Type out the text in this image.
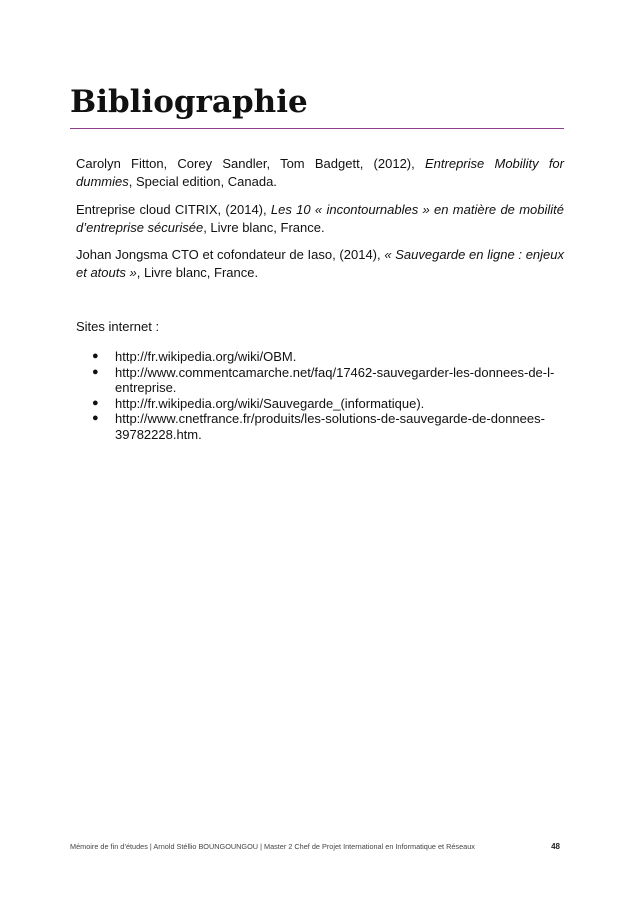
Bibliographie

Carolyn Fitton, Corey Sandler, Tom Badgett, (2012), Entreprise Mobility for dummies, Special edition, Canada.

Entreprise cloud CITRIX, (2014), Les 10 « incontournables » en matière de mobilité d’entreprise sécurisée, Livre blanc, France.

Johan Jongsma CTO et cofondateur de Iaso, (2014), « Sauvegarde en ligne : enjeux et atouts », Livre blanc, France.

Sites internet :

● http://fr.wikipedia.org/wiki/OBM.
● http://www.commentcamarche.net/faq/17462-sauvegarder-les-donnees-de-l-entreprise.
● http://fr.wikipedia.org/wiki/Sauvegarde_(informatique).
● http://www.cnetfrance.fr/produits/les-solutions-de-sauvegarde-de-donnees-39782228.htm.
Mémoire de fin d’études | Arnold Stéllio BOUNGOUNGOU | Master 2 Chef de Projet International en Informatique et Réseaux	48
